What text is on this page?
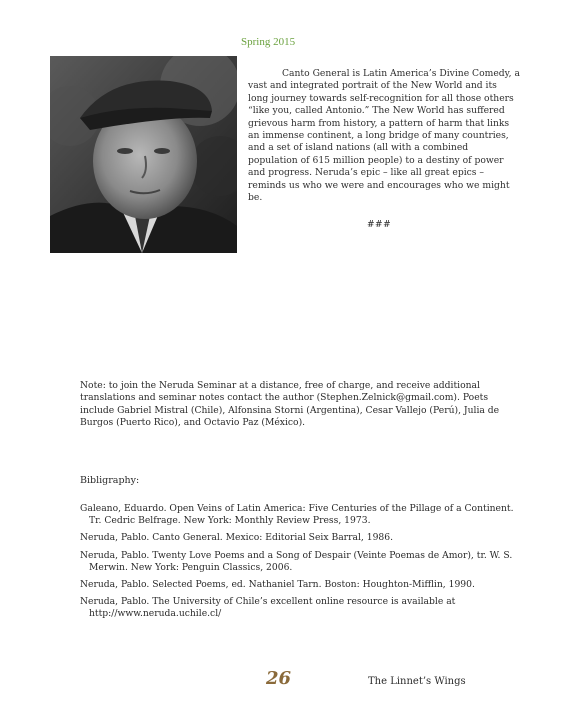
Spring 2015

Canto General is Latin America’s Divine Comedy, a vast and integrated portrait of the New World and its long journey towards self-recognition for all those others “like you, called Antonio.” The New World has suffered grievous harm from history, a pattern of harm that links an immense continent, a long bridge of many countries, and a set of island nations (all with a combined population of 615 million people) to a destiny of power and progress. Neruda’s epic – like all great epics – reminds us who we were and encourages who we might be.

###

Note: to join the Neruda Seminar at a distance, free of charge, and receive additional translations and seminar notes contact the author (Stephen.Zelnick@gmail.com). Poets include Gabriel Mistral (Chile), Alfonsina Storni (Argentina), Cesar Vallejo (Perú), Julia de Burgos (Puerto Rico), and Octavio Paz (México).

Bibligraphy:
Galeano, Eduardo. Open Veins of Latin America: Five Centuries of the Pillage of a Continent. Tr. Cedric Belfrage. New York: Monthly Review Press, 1973.
Neruda, Pablo. Canto General. Mexico: Editorial Seix Barral, 1986.
Neruda, Pablo. Twenty Love Poems and a Song of Despair (Veinte Poemas de Amor), tr. W. S. Merwin. New York: Penguin Classics, 2006.
Neruda, Pablo. Selected Poems, ed. Nathaniel Tarn. Boston: Houghton-Mifflin, 1990.
Neruda, Pablo. The University of Chile’s excellent online resource is available at http://www.neruda.uchile.cl/
26	The Linnet’s Wings
